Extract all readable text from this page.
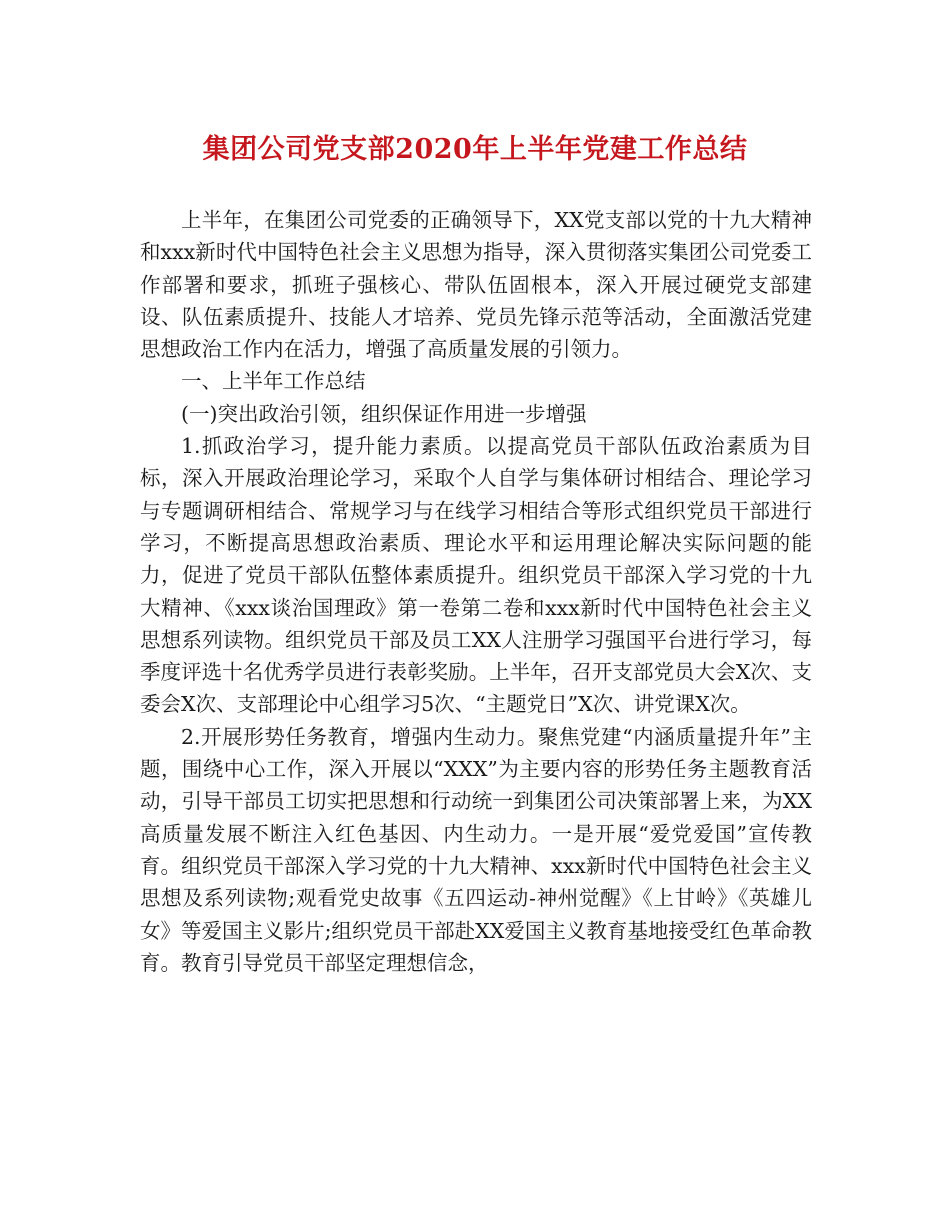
集团公司党支部2020年上半年党建工作总结

上半年，在集团公司党委的正确领导下，XX党支部以党的十九大精神和xxx新时代中国特色社会主义思想为指导，深入贯彻落实集团公司党委工作部署和要求，抓班子强核心、带队伍固根本，深入开展过硬党支部建设、队伍素质提升、技能人才培养、党员先锋示范等活动，全面激活党建思想政治工作内在活力，增强了高质量发展的引领力。

一、上半年工作总结

(一)突出政治引领，组织保证作用进一步增强

1.抓政治学习，提升能力素质。以提高党员干部队伍政治素质为目标，深入开展政治理论学习，采取个人自学与集体研讨相结合、理论学习与专题调研相结合、常规学习与在线学习相结合等形式组织党员干部进行学习，不断提高思想政治素质、理论水平和运用理论解决实际问题的能力，促进了党员干部队伍整体素质提升。组织党员干部深入学习党的十九大精神、《xxx谈治国理政》第一卷第二卷和xxx新时代中国特色社会主义思想系列读物。组织党员干部及员工XX人注册学习强国平台进行学习，每季度评选十名优秀学员进行表彰奖励。上半年，召开支部党员大会X次、支委会X次、支部理论中心组学习5次、“主题党日”X次、讲党课X次。

2.开展形势任务教育，增强内生动力。聚焦党建“内涵质量提升年”主题，围绕中心工作，深入开展以“XXX”为主要内容的形势任务主题教育活动，引导干部员工切实把思想和行动统一到集团公司决策部署上来，为XX高质量发展不断注入红色基因、内生动力。一是开展“爱党爱国”宣传教育。组织党员干部深入学习党的十九大精神、xxx新时代中国特色社会主义思想及系列读物;观看党史故事《五四运动-神州觉醒》《上甘岭》《英雄儿女》等爱国主义影片;组织党员干部赴XX爱国主义教育基地接受红色革命教育。教育引导党员干部坚定理想信念，
